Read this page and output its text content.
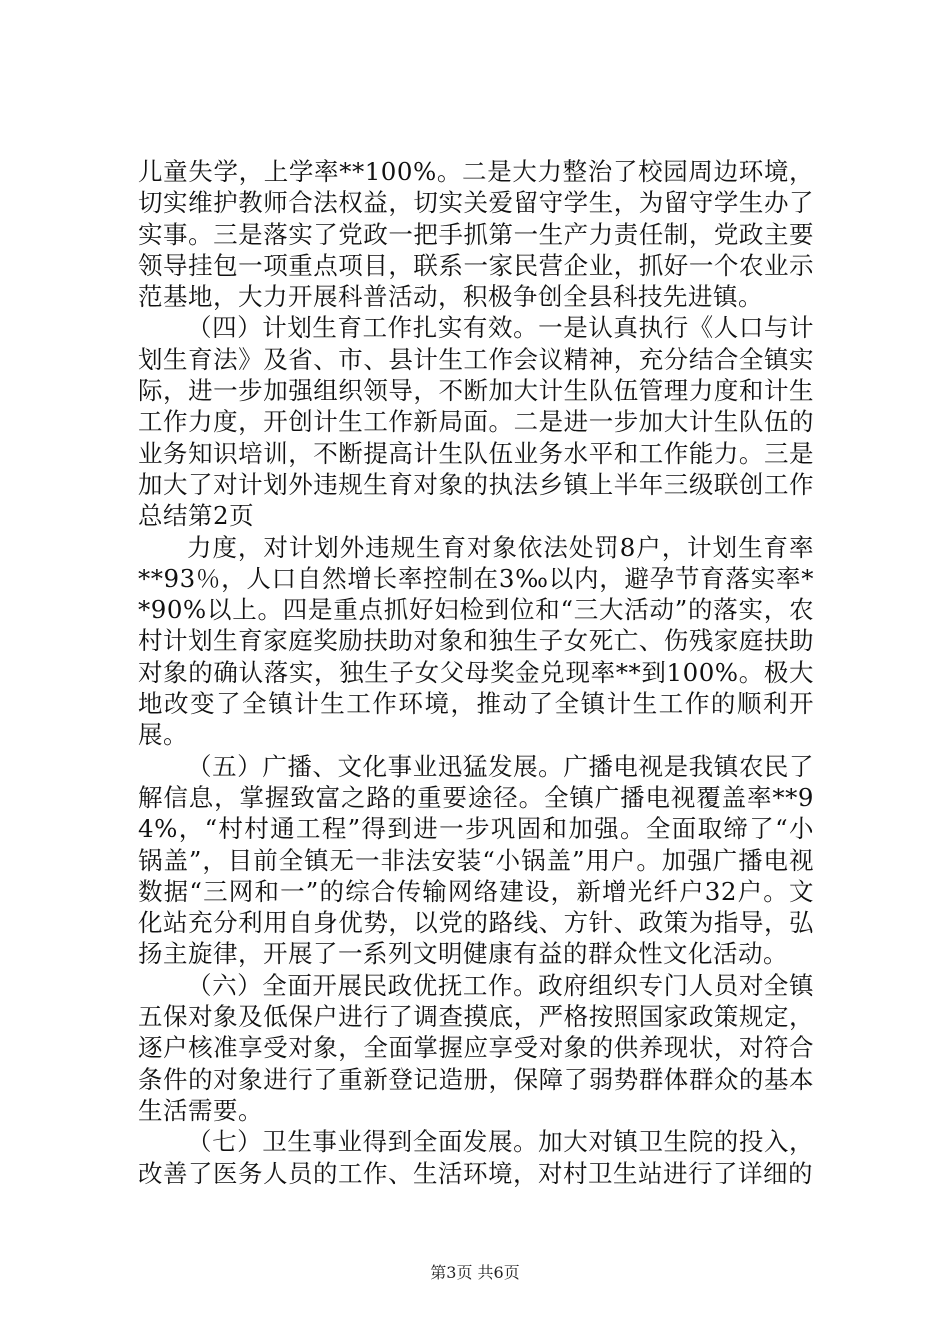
儿童失学，上学率**100%。二是大力整治了校园周边环境，切实维护教师合法权益，切实关爱留守学生，为留守学生办了实事。三是落实了党政一把手抓第一生产力责任制，党政主要领导挂包一项重点项目，联系一家民营企业，抓好一个农业示范基地，大力开展科普活动，积极争创全县科技先进镇。

（四）计划生育工作扎实有效。一是认真执行《人口与计划生育法》及省、市、县计生工作会议精神，充分结合全镇实际，进一步加强组织领导，不断加大计生队伍管理力度和计生工作力度，开创计生工作新局面。二是进一步加大计生队伍的业务知识培训，不断提高计生队伍业务水平和工作能力。三是加大了对计划外违规生育对象的执法乡镇上半年三级联创工作总结第2页

力度，对计划外违规生育对象依法处罚8户，计划生育率**93％，人口自然增长率控制在3‰以内，避孕节育落实率**90%以上。四是重点抓好妇检到位和“三大活动”的落实，农村计划生育家庭奖励扶助对象和独生子女死亡、伤残家庭扶助对象的确认落实，独生子女父母奖金兑现率**到100%。极大地改变了全镇计生工作环境，推动了全镇计生工作的顺利开展。

（五）广播、文化事业迅猛发展。广播电视是我镇农民了解信息，掌握致富之路的重要途径。全镇广播电视覆盖率**94%，“村村通工程”得到进一步巩固和加强。全面取缔了“小锅盖”，目前全镇无一非法安装“小锅盖”用户。加强广播电视数据“三网和一”的综合传输网络建设，新增光纤户32户。文化站充分利用自身优势，以党的路线、方针、政策为指导，弘扬主旋律，开展了一系列文明健康有益的群众性文化活动。

（六）全面开展民政优抚工作。政府组织专门人员对全镇五保对象及低保户进行了调查摸底，严格按照国家政策规定，逐户核准享受对象，全面掌握应享受对象的供养现状，对符合条件的对象进行了重新登记造册，保障了弱势群体群众的基本生活需要。

（七）卫生事业得到全面发展。加大对镇卫生院的投入，改善了医务人员的工作、生活环境，对村卫生站进行了详细的

第3页 共6页
